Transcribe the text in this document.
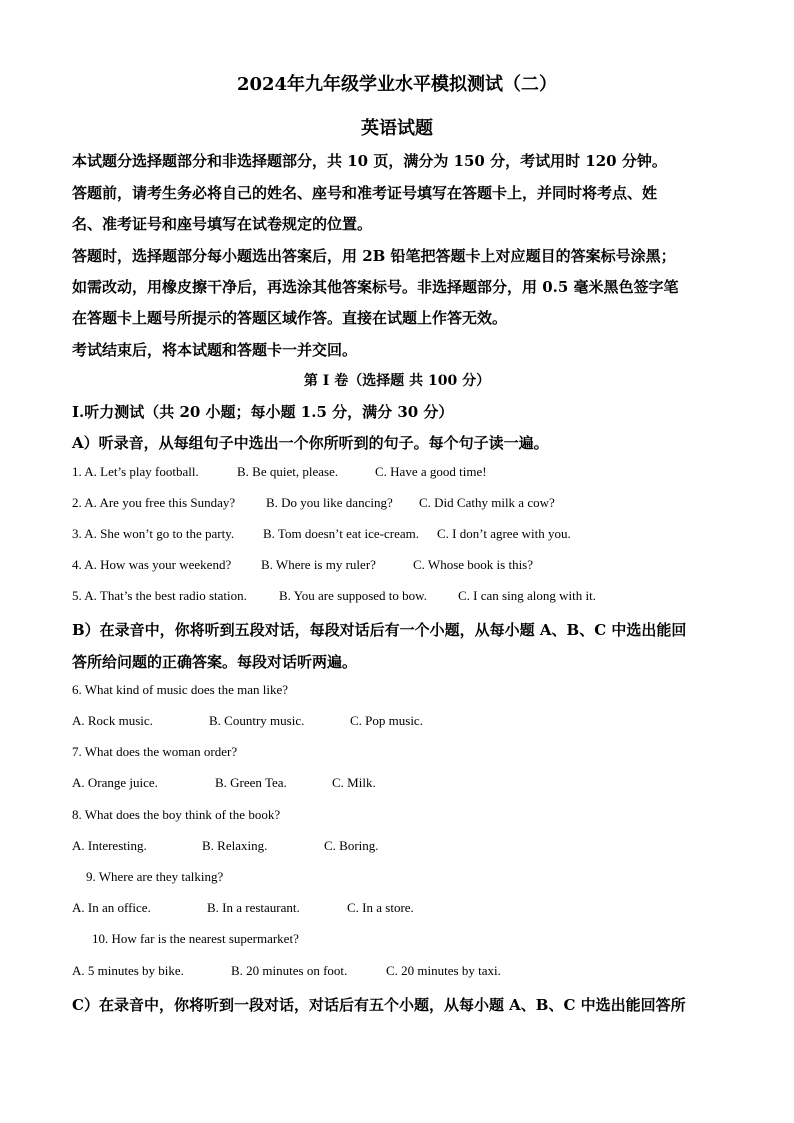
2024年九年级学业水平模拟测试（二）
英语试题
本试题分选择题部分和非选择题部分，共 10 页，满分为 150 分，考试用时 120 分钟。
答题前，请考生务必将自己的姓名、座号和准考证号填写在答题卡上，并同时将考点、姓
名、准考证号和座号填写在试卷规定的位置。
答题时，选择题部分每小题选出答案后，用 2B 铅笔把答题卡上对应题目的答案标号涂黑；
如需改动，用橡皮擦干净后，再选涂其他答案标号。非选择题部分，用 0.5 毫米黑色签字笔
在答题卡上题号所提示的答题区域作答。直接在试题上作答无效。
考试结束后，将本试题和答题卡一并交回。
第 I 卷（选择题 共 100 分）
I.听力测试（共 20 小题；每小题 1.5 分，满分 30 分）
A）听录音，从每组句子中选出一个你所听到的句子。每个句子读一遍。
1. A. Let’s play football.	B. Be quiet, please.	C. Have a good time!
2. A. Are you free this Sunday? B. Do you like dancing? C. Did Cathy milk a cow?
3. A. She won’t go to the party. B. Tom doesn’t eat ice-cream. C. I don’t agree with you.
4. A. How was your weekend? B. Where is my ruler?	C. Whose book is this?
5. A. That’s the best radio station. B. You are supposed to bow. C. I can sing along with it.
B）在录音中，你将听到五段对话，每段对话后有一个小题，从每小题 A、B、C 中选出能回
答所给问题的正确答案。每段对话听两遍。
6. What kind of music does the man like?
A. Rock music.	B. Country music.	C. Pop music.
7. What does the woman order?
A. Orange juice.	B. Green Tea.	C. Milk.
8. What does the boy think of the book?
A. Interesting.	B. Relaxing.	C. Boring.
9. Where are they talking?
A. In an office.	B. In a restaurant.	C. In a store.
10. How far is the nearest supermarket?
A. 5 minutes by bike.	B. 20 minutes on foot.	C. 20 minutes by taxi.
C）在录音中，你将听到一段对话，对话后有五个小题，从每小题 A、B、C 中选出能回答所
